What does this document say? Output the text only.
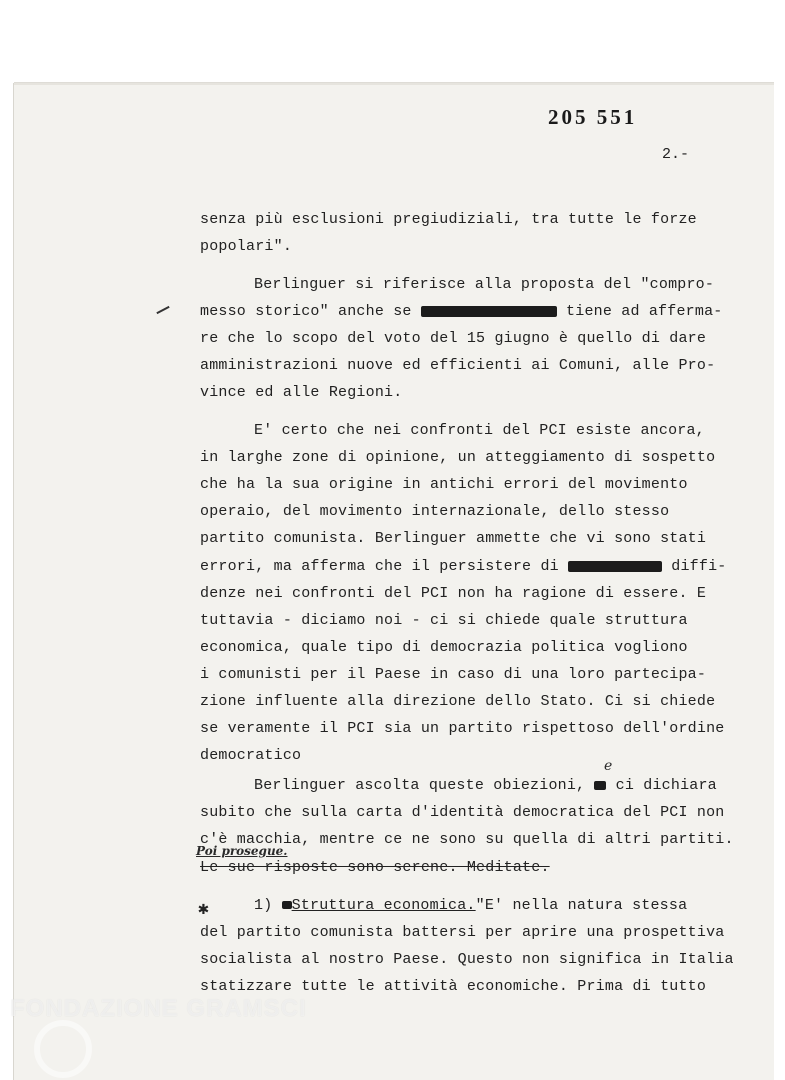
205 551
2.-
senza più esclusioni pregiudiziali, tra tutte le forze
popolari".
Berlinguer si riferisce alla proposta del "compro-
messo storico" anche se	tiene ad afferma-
re che lo scopo del voto del 15 giugno è quello di dare
amministrazioni nuove ed efficienti ai Comuni, alle Pro-
vince ed alle Regioni.
E' certo che nei confronti del PCI esiste ancora,
in larghe zone di opinione, un atteggiamento di sospetto
che ha la sua origine in antichi errori del movimento
operaio, del movimento internazionale, dello stesso
partito comunista. Berlinguer ammette che vi sono stati
errori, ma afferma che il persistere di	diffi-
denze nei confronti del PCI non ha ragione di essere. E
tuttavia - diciamo noi - ci si chiede quale struttura
economica, quale tipo di democrazia politica vogliono
i comunisti per il Paese in caso di una loro partecipa-
zione influente alla direzione dello Stato. Ci si chiede
se veramente il PCI sia un partito rispettoso dell'ordine
democratico
e
Berlinguer ascolta queste obiezioni, ci dichiara
subito che sulla carta d'identità democratica del PCI non
c'è macchia, mentre ce ne sono su quella di altri partiti.
Poi prosegue.
Le sue risposte sono serene. Meditate.
✱	1) Struttura economica."E' nella natura stessa
del partito comunista battersi per aprire una prospettiva
socialista al nostro Paese. Questo non significa in Italia
statizzare tutte le attività economiche. Prima di tutto
FONDAZIONE GRAMSCI
